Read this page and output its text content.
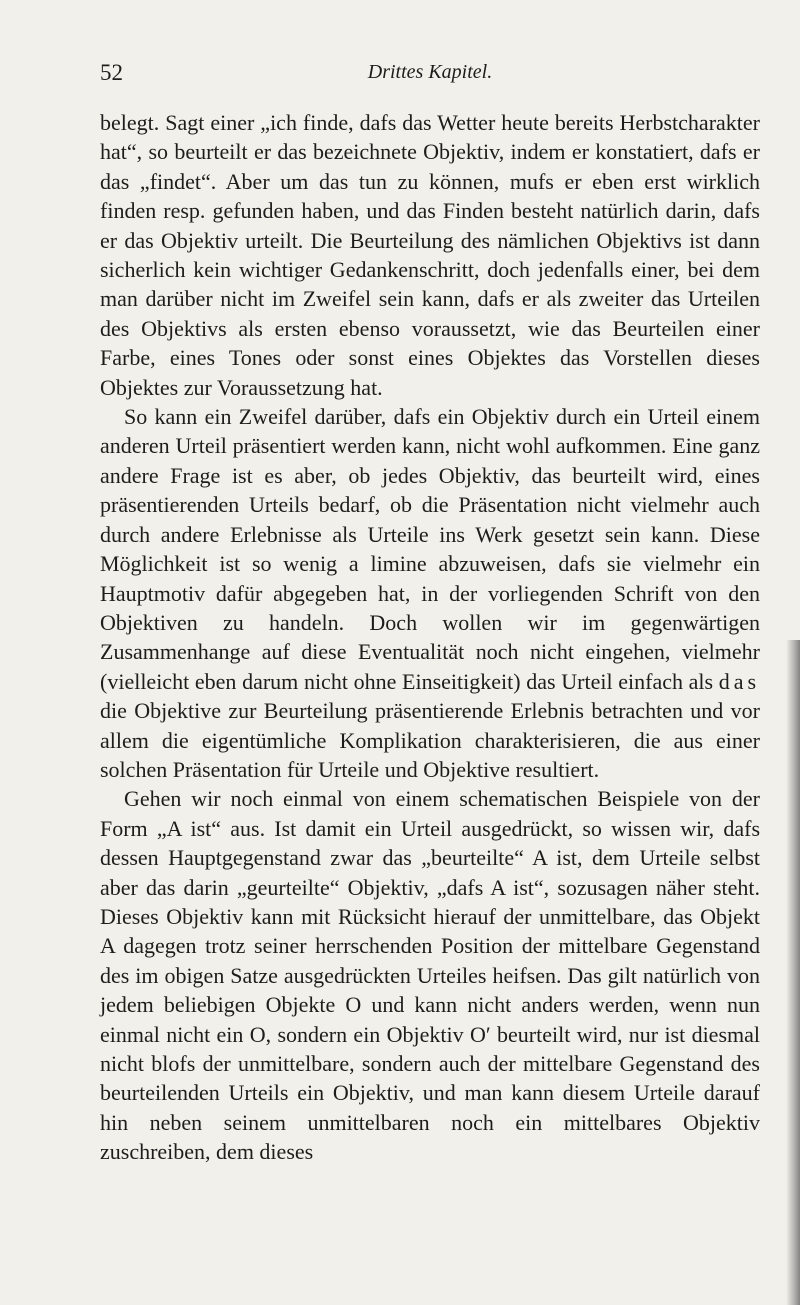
52	Drittes Kapitel.

belegt. Sagt einer „ich finde, dafs das Wetter heute bereits Herbstcharakter hat“, so beurteilt er das bezeichnete Objektiv, indem er konstatiert, dafs er das „findet“. Aber um das tun zu können, mufs er eben erst wirklich finden resp. gefunden haben, und das Finden besteht natürlich darin, dafs er das Objektiv urteilt. Die Beurteilung des nämlichen Objektivs ist dann sicherlich kein wichtiger Gedankenschritt, doch jedenfalls einer, bei dem man darüber nicht im Zweifel sein kann, dafs er als zweiter das Urteilen des Objektivs als ersten ebenso voraussetzt, wie das Beurteilen einer Farbe, eines Tones oder sonst eines Objektes das Vorstellen dieses Objektes zur Voraussetzung hat.

So kann ein Zweifel darüber, dafs ein Objektiv durch ein Urteil einem anderen Urteil präsentiert werden kann, nicht wohl aufkommen. Eine ganz andere Frage ist es aber, ob jedes Objektiv, das beurteilt wird, eines präsentierenden Urteils bedarf, ob die Präsentation nicht vielmehr auch durch andere Erlebnisse als Urteile ins Werk gesetzt sein kann. Diese Möglichkeit ist so wenig a limine abzuweisen, dafs sie vielmehr ein Hauptmotiv dafür abgegeben hat, in der vorliegenden Schrift von den Objektiven zu handeln. Doch wollen wir im gegenwärtigen Zusammenhange auf diese Eventualität noch nicht eingehen, vielmehr (vielleicht eben darum nicht ohne Einseitigkeit) das Urteil einfach als das die Objektive zur Beurteilung präsentierende Erlebnis betrachten und vor allem die eigentümliche Komplikation charakterisieren, die aus einer solchen Präsentation für Urteile und Objektive resultiert.

Gehen wir noch einmal von einem schematischen Beispiele von der Form „A ist“ aus. Ist damit ein Urteil ausgedrückt, so wissen wir, dafs dessen Hauptgegenstand zwar das „beurteilte“ A ist, dem Urteile selbst aber das darin „geurteilte“ Objektiv, „dafs A ist“, sozusagen näher steht. Dieses Objektiv kann mit Rücksicht hierauf der unmittelbare, das Objekt A dagegen trotz seiner herrschenden Position der mittelbare Gegenstand des im obigen Satze ausgedrückten Urteiles heifsen. Das gilt natürlich von jedem beliebigen Objekte O und kann nicht anders werden, wenn nun einmal nicht ein O, sondern ein Objektiv O′ beurteilt wird, nur ist diesmal nicht blofs der unmittelbare, sondern auch der mittelbare Gegenstand des beurteilenden Urteils ein Objektiv, und man kann diesem Urteile darauf hin neben seinem unmittelbaren noch ein mittelbares Objektiv zuschreiben, dem dieses
